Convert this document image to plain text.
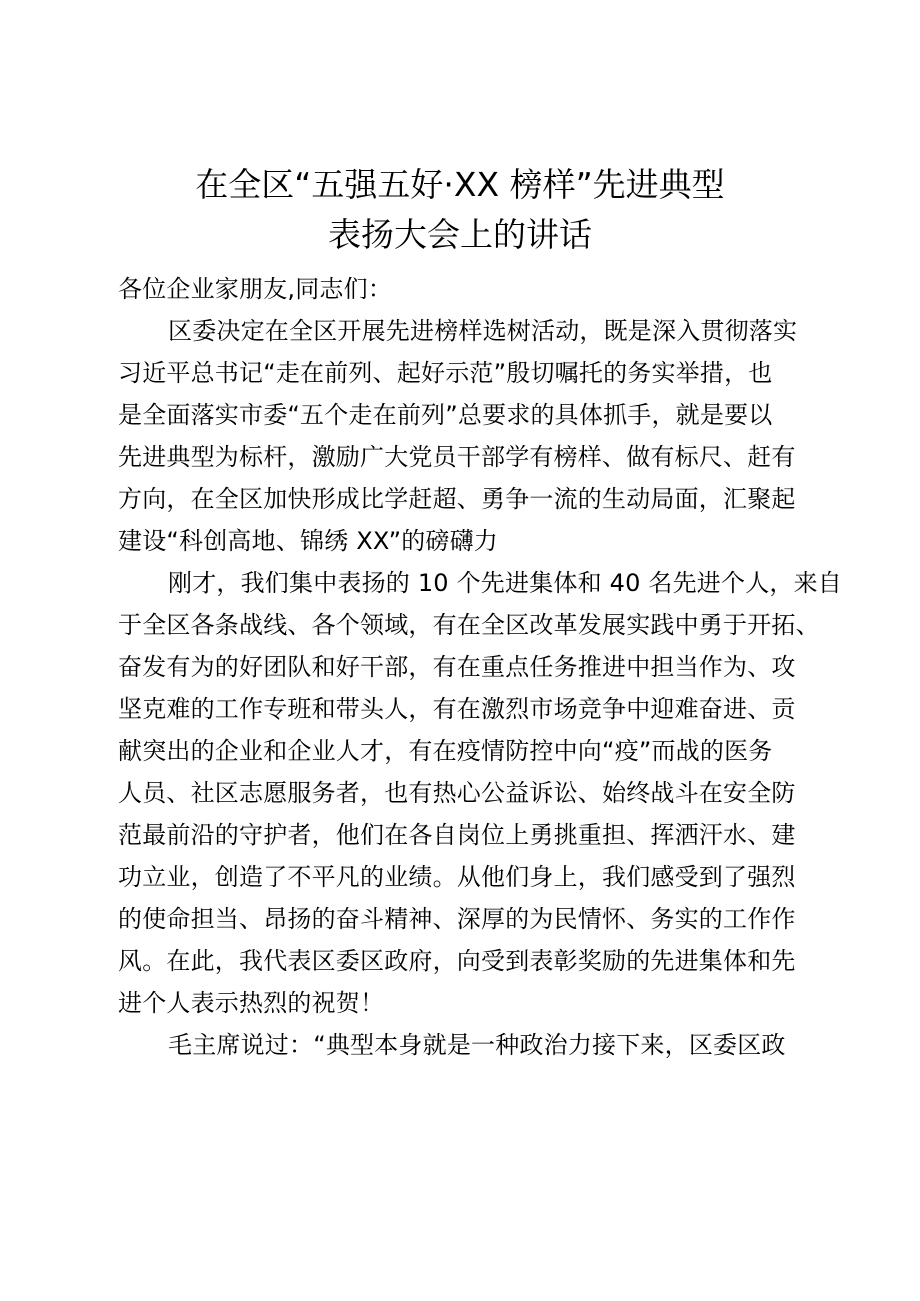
在全区“五强五好·XX 榜样”先进典型
表扬大会上的讲话
各位企业家朋友,同志们：
区委决定在全区开展先进榜样选树活动，既是深入贯彻落实
习近平总书记“走在前列、起好示范”殷切嘱托的务实举措，也
是全面落实市委“五个走在前列”总要求的具体抓手，就是要以
先进典型为标杆，激励广大党员干部学有榜样、做有标尺、赶有
方向，在全区加快形成比学赶超、勇争一流的生动局面，汇聚起
建设“科创高地、锦绣 XX”的磅礴力
刚才，我们集中表扬的 10 个先进集体和 40 名先进个人，来自
于全区各条战线、各个领域，有在全区改革发展实践中勇于开拓、
奋发有为的好团队和好干部，有在重点任务推进中担当作为、攻
坚克难的工作专班和带头人，有在激烈市场竞争中迎难奋进、贡
献突出的企业和企业人才，有在疫情防控中向“疫”而战的医务
人员、社区志愿服务者，也有热心公益诉讼、始终战斗在安全防
范最前沿的守护者，他们在各自岗位上勇挑重担、挥洒汗水、建
功立业，创造了不平凡的业绩。从他们身上，我们感受到了强烈
的使命担当、昂扬的奋斗精神、深厚的为民情怀、务实的工作作
风。在此，我代表区委区政府，向受到表彰奖励的先进集体和先
进个人表示热烈的祝贺！
毛主席说过：“典型本身就是一种政治力接下来，区委区政
